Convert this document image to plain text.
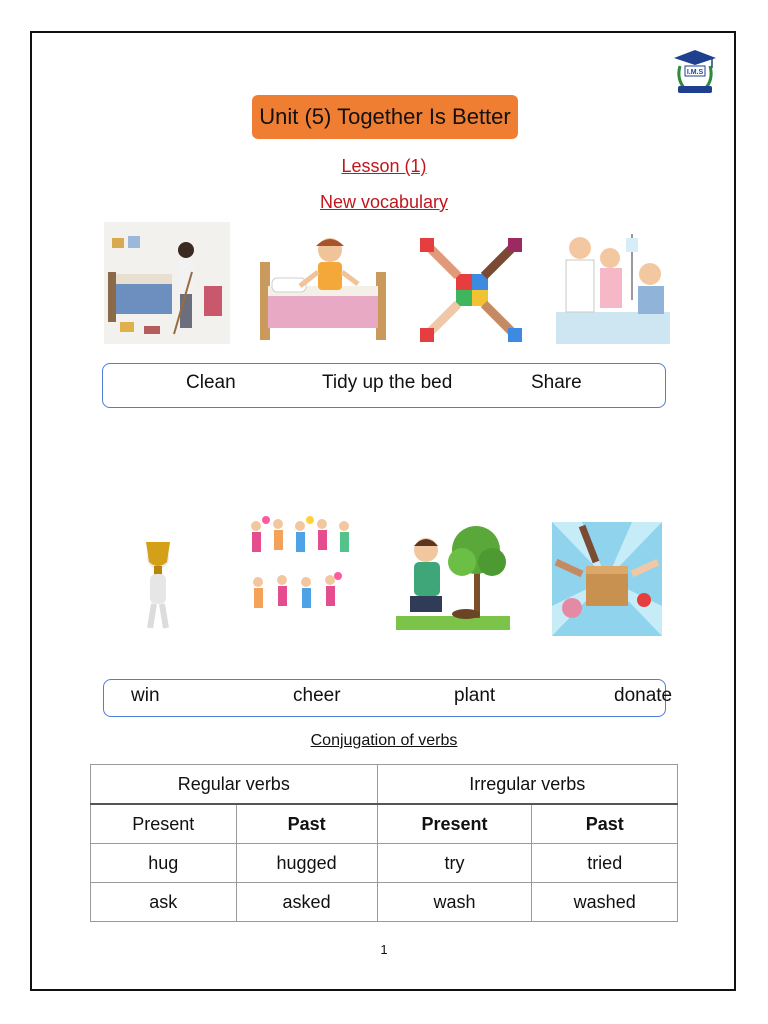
I.M.S
Unit (5) Together Is Better
Lesson (1)
New vocabulary
Clean	Tidy up the bed	Share
win	cheer	plant	donate
Conjugation of verbs
Regular verbs		Irregular verbs	
Present	Past	Present	Past
hug	hugged	try	tried
ask	asked	wash	washed
1
